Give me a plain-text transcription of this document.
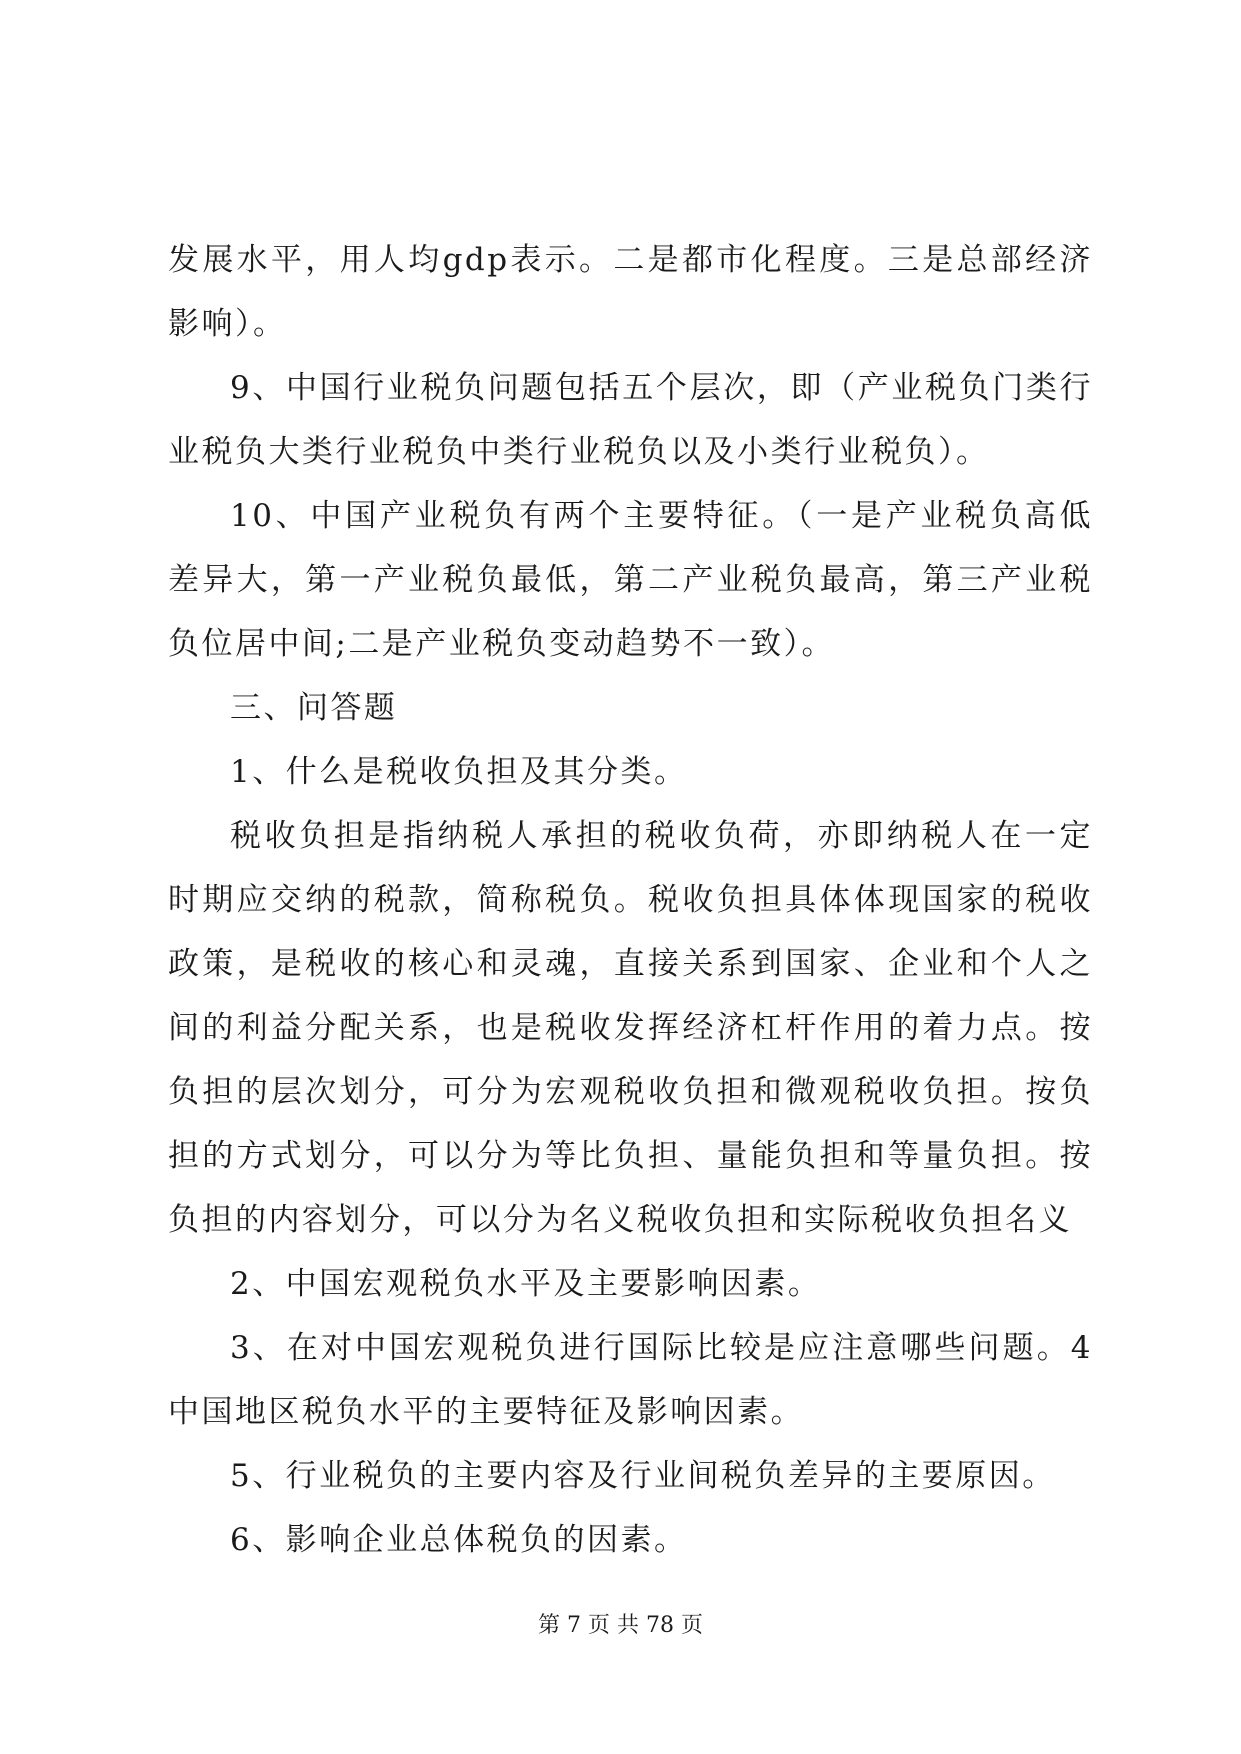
发展水平，用人均gdp表示。二是都市化程度。三是总部经济影响）。

9、中国行业税负问题包括五个层次，即（产业税负门类行业税负大类行业税负中类行业税负以及小类行业税负）。

10、中国产业税负有两个主要特征。（一是产业税负高低差异大，第一产业税负最低，第二产业税负最高，第三产业税负位居中间;二是产业税负变动趋势不一致）。

三、问答题

1、什么是税收负担及其分类。

税收负担是指纳税人承担的税收负荷，亦即纳税人在一定时期应交纳的税款，简称税负。税收负担具体体现国家的税收政策，是税收的核心和灵魂，直接关系到国家、企业和个人之间的利益分配关系，也是税收发挥经济杠杆作用的着力点。按负担的层次划分，可分为宏观税收负担和微观税收负担。按负担的方式划分，可以分为等比负担、量能负担和等量负担。按负担的内容划分，可以分为名义税收负担和实际税收负担名义

2、中国宏观税负水平及主要影响因素。

3、在对中国宏观税负进行国际比较是应注意哪些问题。4中国地区税负水平的主要特征及影响因素。

5、行业税负的主要内容及行业间税负差异的主要原因。

6、影响企业总体税负的因素。

第 7 页 共 78 页
